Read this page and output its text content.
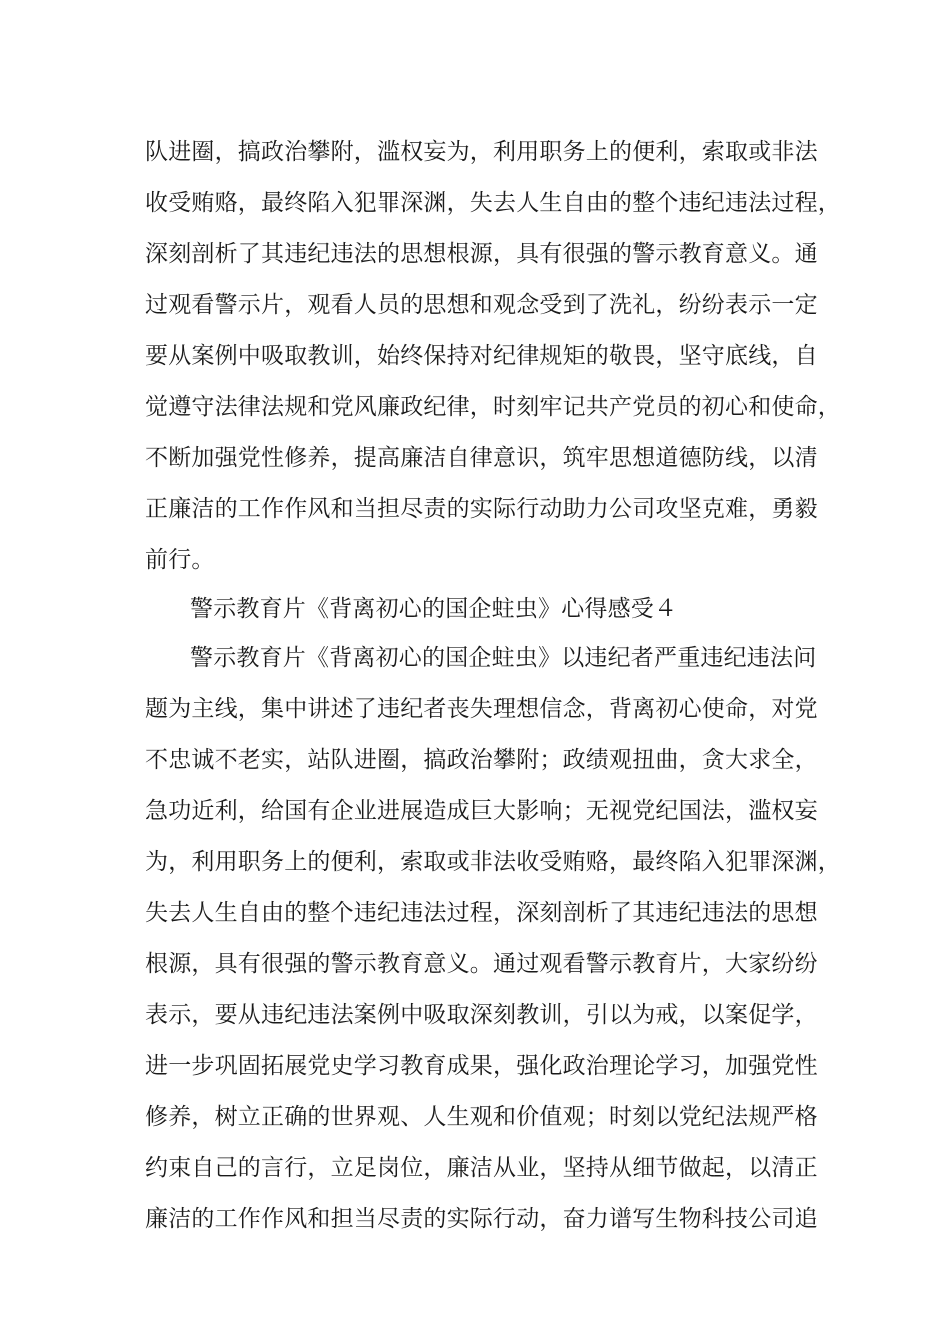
队进圈，搞政治攀附，滥权妄为，利用职务上的便利，索取或非法
收受贿赂，最终陷入犯罪深渊，失去人生自由的整个违纪违法过程，
深刻剖析了其违纪违法的思想根源，具有很强的警示教育意义。通
过观看警示片，观看人员的思想和观念受到了洗礼，纷纷表示一定
要从案例中吸取教训，始终保持对纪律规矩的敬畏，坚守底线，自
觉遵守法律法规和党风廉政纪律，时刻牢记共产党员的初心和使命，
不断加强党性修养，提高廉洁自律意识，筑牢思想道德防线，以清
正廉洁的工作作风和当担尽责的实际行动助力公司攻坚克难，勇毅
前行。
警示教育片《背离初心的国企蛀虫》心得感受４
警示教育片《背离初心的国企蛀虫》以违纪者严重违纪违法问
题为主线，集中讲述了违纪者丧失理想信念，背离初心使命，对党
不忠诚不老实，站队进圈，搞政治攀附；政绩观扭曲，贪大求全，
急功近利，给国有企业进展造成巨大影响；无视党纪国法，滥权妄
为，利用职务上的便利，索取或非法收受贿赂，最终陷入犯罪深渊，
失去人生自由的整个违纪违法过程，深刻剖析了其违纪违法的思想
根源，具有很强的警示教育意义。通过观看警示教育片，大家纷纷
表示，要从违纪违法案例中吸取深刻教训，引以为戒，以案促学，
进一步巩固拓展党史学习教育成果，强化政治理论学习，加强党性
修养，树立正确的世界观、人生观和价值观；时刻以党纪法规严格
约束自己的言行，立足岗位，廉洁从业，坚持从细节做起，以清正
廉洁的工作作风和担当尽责的实际行动，奋力谱写生物科技公司追
